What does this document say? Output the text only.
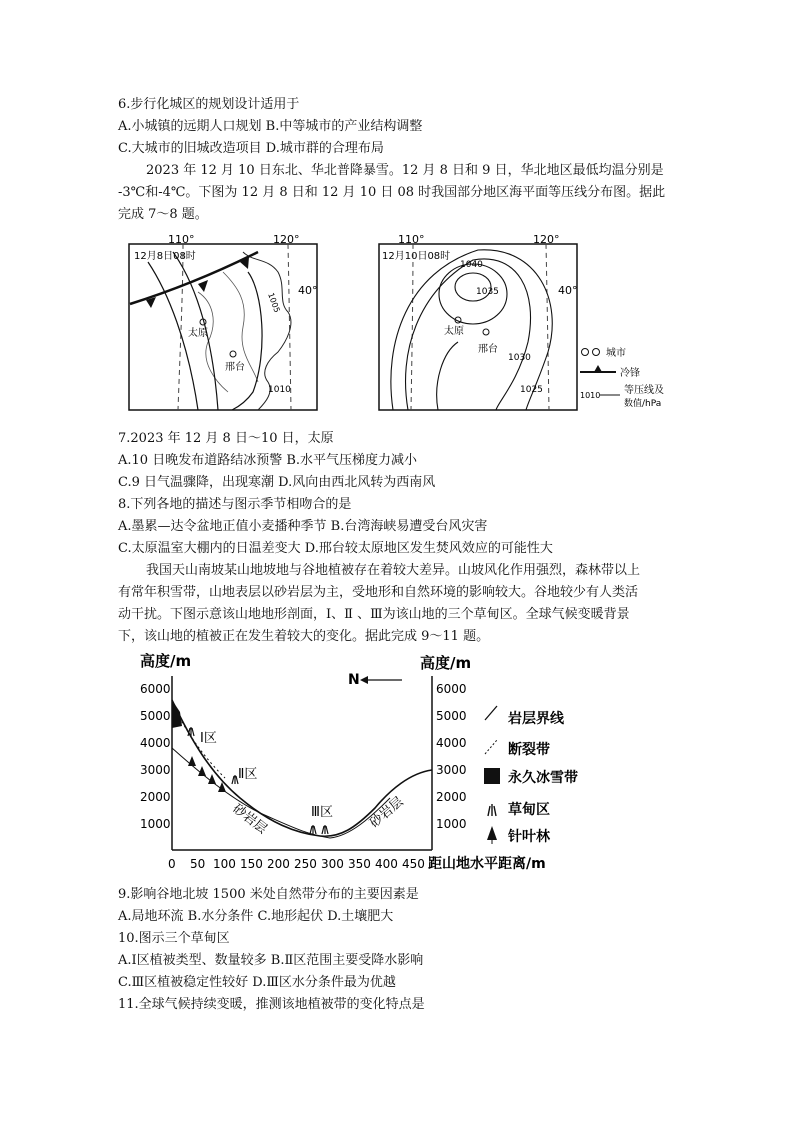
6.步行化城区的规划设计适用于
A.小城镇的远期人口规划 B.中等城市的产业结构调整
C.大城市的旧城改造项目 D.城市群的合理布局
2023 年 12 月 10 日东北、华北普降暴雪。12 月 8 日和 9 日，华北地区最低均温分别是
-3℃和-4℃。下图为 12 月 8 日和 12 月 10 日 08 时我国部分地区海平面等压线分布图。据此
完成 7～8 题。
110°	120°
12月8日08时
1005
1010
40°
太原
邢台
110°	120°
12月10日08时
1040
1035
1030
1025
40°
太原
邢台	城市
冷锋
1010 等压线及
数值/hPa
7.2023 年 12 月 8 日～10 日，太原
A.10 日晚发布道路结冰预警 B.水平气压梯度力减小
C.9 日气温骤降，出现寒潮 D.风向由西北风转为西南风
8.下列各地的描述与图示季节相吻合的是
A.墨累—达令盆地正值小麦播种季节 B.台湾海峡易遭受台风灾害
C.太原温室大棚内的日温差变大 D.邢台较太原地区发生焚风效应的可能性大
我国天山南坡某山地坡地与谷地植被存在着较大差异。山坡风化作用强烈，森林带以上
有常年积雪带，山地表层以砂岩层为主，受地形和自然环境的影响较大。谷地较少有人类活
动干扰。下图示意该山地地形剖面，Ⅰ、Ⅱ 、Ⅲ为该山地的三个草甸区。全球气候变暖背景
下，该山地的植被正在发生着较大的变化。据此完成 9～11 题。
高度/m	高度/m
6000
5000
4000
3000
2000
1000
6000
5000
4000
3000
2000
1000
0 50 100 150 200 250 300 350 400 450 距山地水平距离/m
N
Ⅰ区
Ⅱ区
Ⅲ区
砂岩层	砂岩层
岩层界线
断裂带
永久冰雪带
草甸区
针叶林
9.影响谷地北坡 1500 米处自然带分布的主要因素是
A.局地环流 B.水分条件 C.地形起伏 D.土壤肥大
10.图示三个草甸区
A.Ⅰ区植被类型、数量较多 B.Ⅱ区范围主要受降水影响
C.Ⅲ区植被稳定性较好 D.Ⅲ区水分条件最为优越
11.全球气候持续变暖，推测该地植被带的变化特点是
